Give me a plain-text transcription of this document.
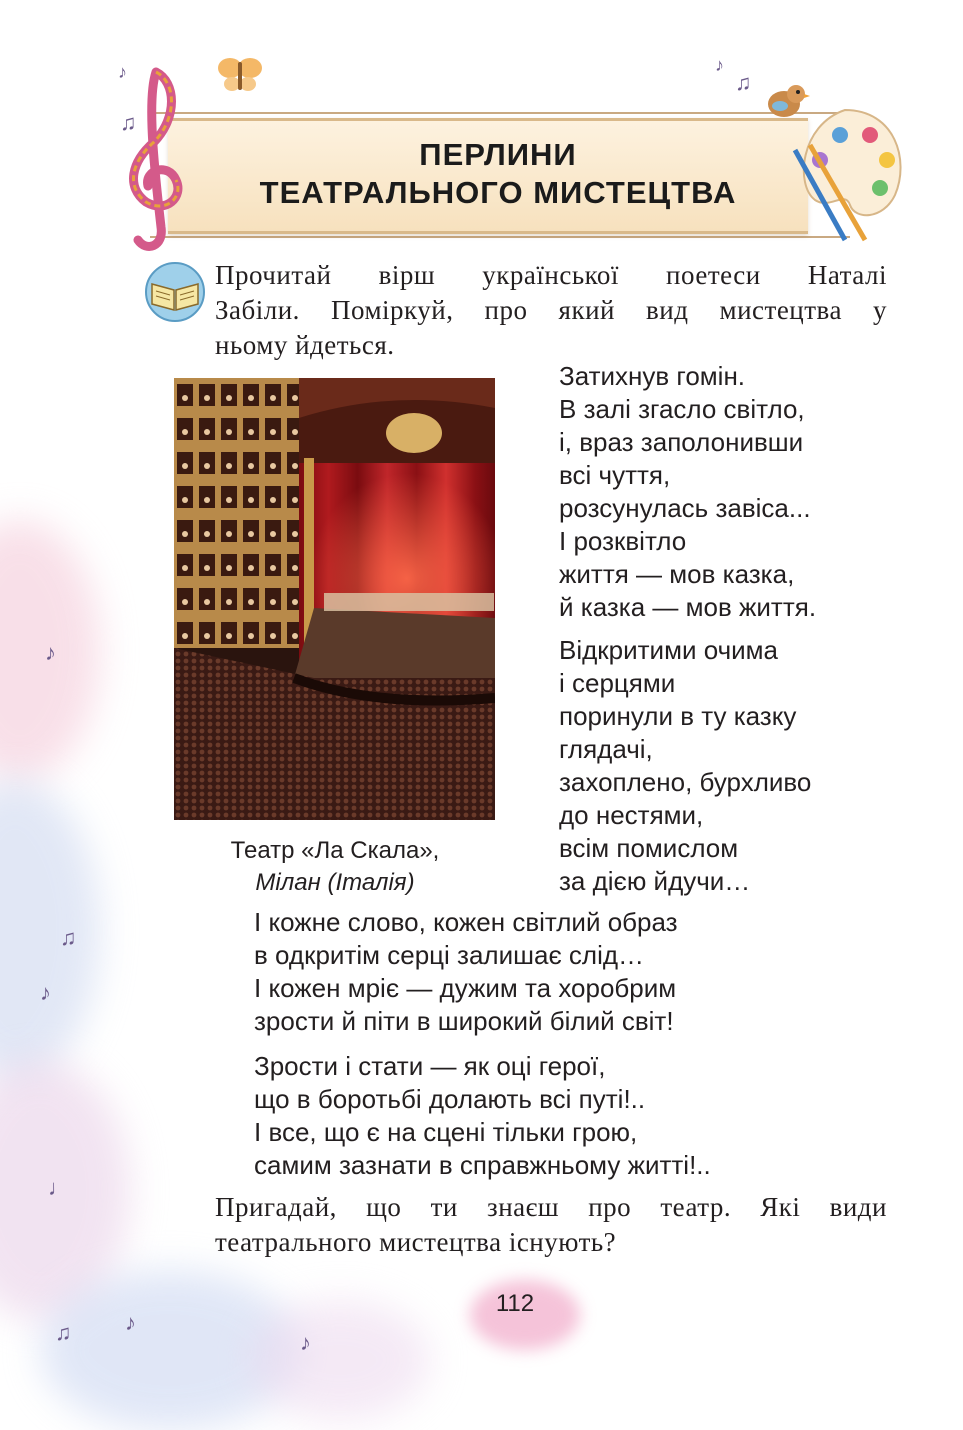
♪
♫
♪
♩
♫ ♪
♪
♪
♫
♪
♫
ПЕРЛИНИ
ТЕАТРАЛЬНОГО МИСТЕЦТВА
Прочитай вірш української поетеси Наталі
Забіли. Поміркуй, про який вид мистецтва у
ньому йдеться.
Театр «Ла Скала»,
Мілан (Італія)
Затихнув гомін.
В залі згасло світло,
і, враз заполонивши
всі чуття,
розсунулась завіса...
І розквітло
життя — мов казка,
й казка — мов життя.
Відкритими очима
і серцями
поринули в ту казку
глядачі,
захоплено, бурхливо
до нестями,
всім помислом
за дією йдучи…
І кожне слово, кожен світлий образ
в одкритім серці залишає слід…
І кожен мріє — дужим та хоробрим
зрости й піти в широкий білий світ!
Зрости і стати — як оці герої,
що в боротьбі долають всі путі!..
І все, що є на сцені тільки грою,
самим зазнати в справжньому житті!..
Пригадай, що ти знаєш про театр. Які види
театрального мистецтва існують?
112
